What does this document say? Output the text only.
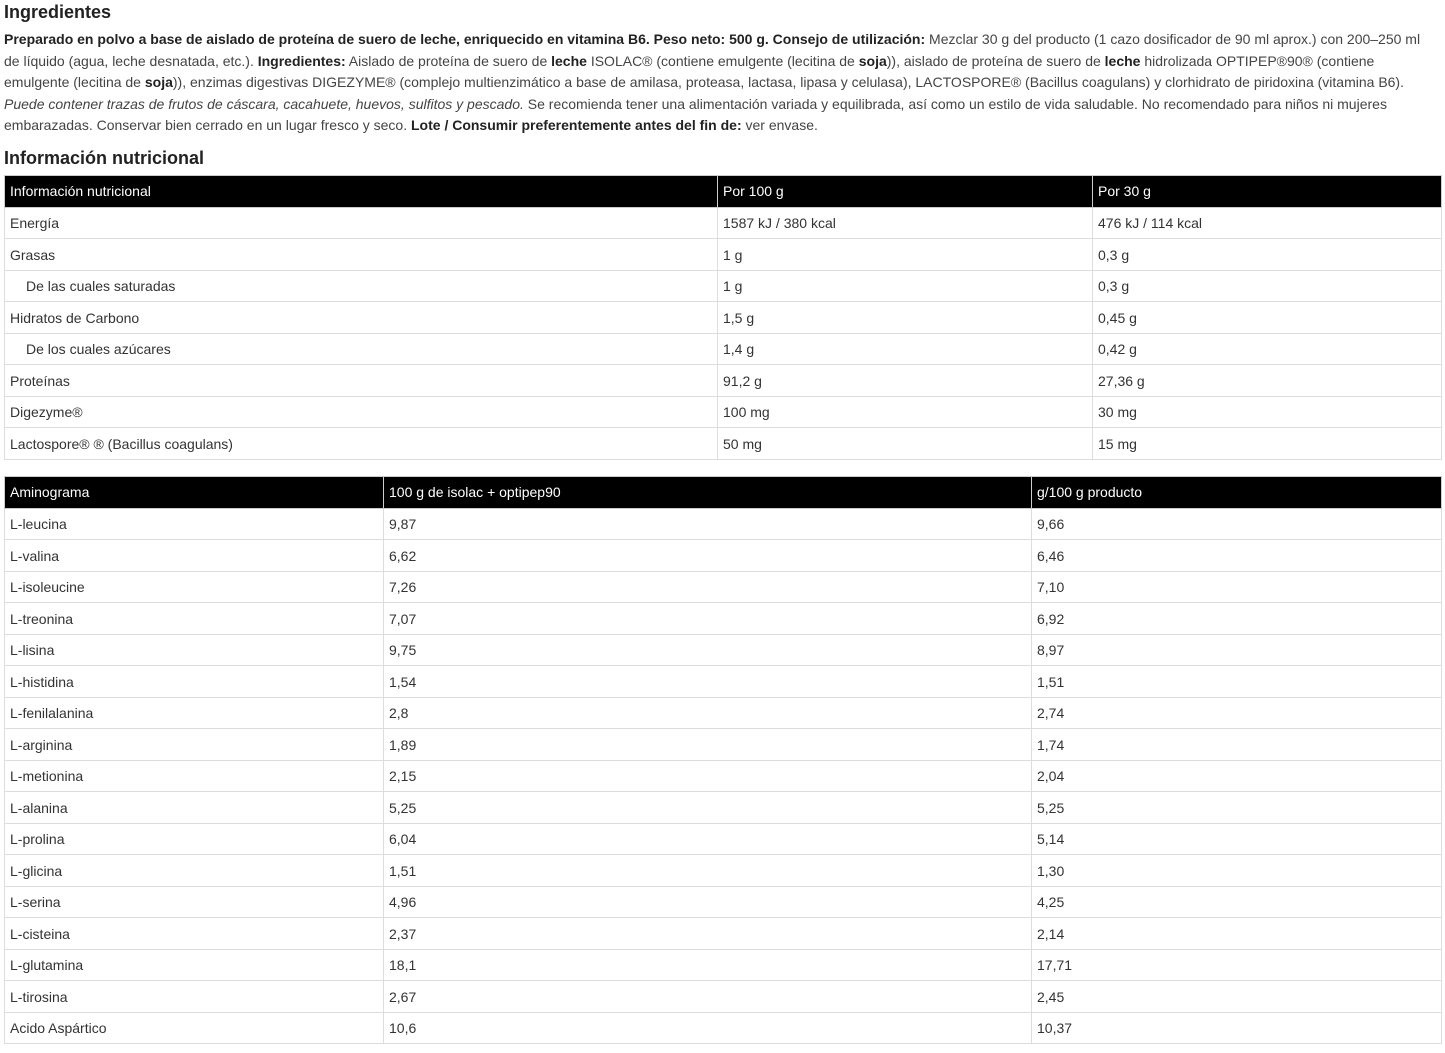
Ingredientes

Preparado en polvo a base de aislado de proteína de suero de leche, enriquecido en vitamina B6. Peso neto: 500 g. Consejo de utilización: Mezclar 30 g del producto (1 cazo dosificador de 90 ml aprox.) con 200–250 ml de líquido (agua, leche desnatada, etc.). Ingredientes: Aislado de proteína de suero de leche ISOLAC® (contiene emulgente (lecitina de soja)), aislado de proteína de suero de leche hidrolizada OPTIPEP®90® (contiene emulgente (lecitina de soja)), enzimas digestivas DIGEZYME® (complejo multienzimático a base de amilasa, proteasa, lactasa, lipasa y celulasa), LACTOSPORE® (Bacillus coagulans) y clorhidrato de piridoxina (vitamina B6). Puede contener trazas de frutos de cáscara, cacahuete, huevos, sulfitos y pescado. Se recomienda tener una alimentación variada y equilibrada, así como un estilo de vida saludable. No recomendado para niños ni mujeres embarazadas. Conservar bien cerrado en un lugar fresco y seco. Lote / Consumir preferentemente antes del fin de: ver envase.

Información nutricional
Información nutricional	Por 100 g	Por 30 g
Energía	1587 kJ / 380 kcal	476 kJ / 114 kcal
Grasas	1 g	0,3 g
De las cuales saturadas	1 g	0,3 g
Hidratos de Carbono	1,5 g	0,45 g
De los cuales azúcares	1,4 g	0,42 g
Proteínas	91,2 g	27,36 g
Digezyme®	100 mg	30 mg
Lactospore® ® (Bacillus coagulans)	50 mg	15 mg
Aminograma	100 g de isolac + optipep90	g/100 g producto
L-leucina	9,87	9,66
L-valina	6,62	6,46
L-isoleucine	7,26	7,10
L-treonina	7,07	6,92
L-lisina	9,75	8,97
L-histidina	1,54	1,51
L-fenilalanina	2,8	2,74
L-arginina	1,89	1,74
L-metionina	2,15	2,04
L-alanina	5,25	5,25
L-prolina	6,04	5,14
L-glicina	1,51	1,30
L-serina	4,96	4,25
L-cisteina	2,37	2,14
L-glutamina	18,1	17,71
L-tirosina	2,67	2,45
Acido Aspártico	10,6	10,37
